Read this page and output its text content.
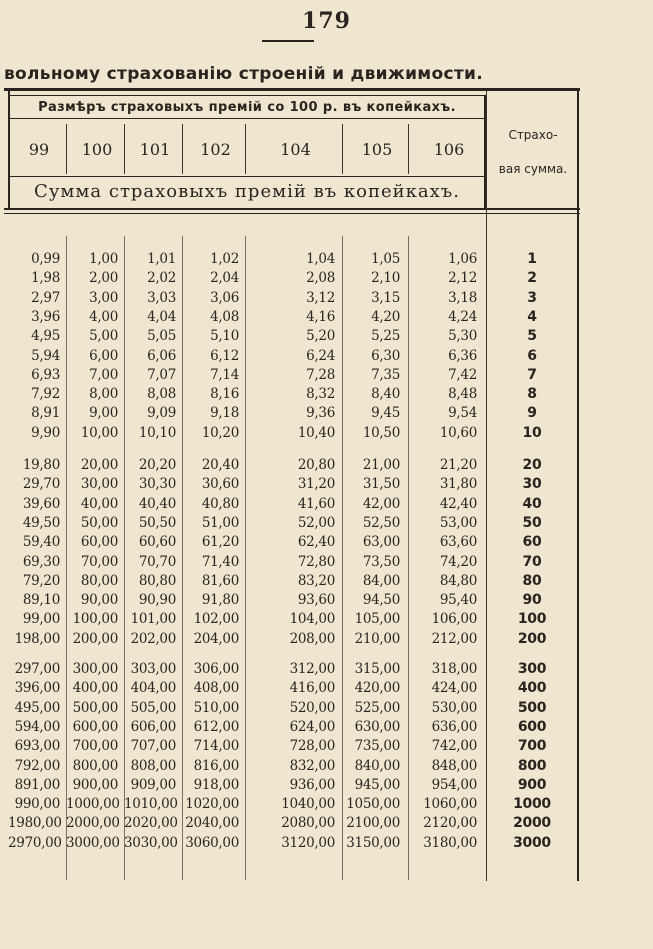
179
вольному страхованію строеній и движимости.
Размѣръ страховыхъ премій со 100 р. въ копейкахъ.
99	100	101	102	104	105	106
Сумма страховыхъ премій въ копейкахъ.
Страхо-
вая сумма.
0,99	1,00	1,01	1,02	1,04	1,05	1,06	1
1,98	2,00	2,02	2,04	2,08	2,10	2,12	2
2,97	3,00	3,03	3,06	3,12	3,15	3,18	3
3,96	4,00	4,04	4,08	4,16	4,20	4,24	4
4,95	5,00	5,05	5,10	5,20	5,25	5,30	5
5,94	6,00	6,06	6,12	6,24	6,30	6,36	6
6,93	7,00	7,07	7,14	7,28	7,35	7,42	7
7,92	8,00	8,08	8,16	8,32	8,40	8,48	8
8,91	9,00	9,09	9,18	9,36	9,45	9,54	9
9,90	10,00	10,10	10,20	10,40	10,50	10,60	10
19,80	20,00	20,20	20,40	20,80	21,00	21,20	20
29,70	30,00	30,30	30,60	31,20	31,50	31,80	30
39,60	40,00	40,40	40,80	41,60	42,00	42,40	40
49,50	50,00	50,50	51,00	52,00	52,50	53,00	50
59,40	60,00	60,60	61,20	62,40	63,00	63,60	60
69,30	70,00	70,70	71,40	72,80	73,50	74,20	70
79,20	80,00	80,80	81,60	83,20	84,00	84,80	80
89,10	90,00	90,90	91,80	93,60	94,50	95,40	90
99,00 100,00 101,00	102,00	104,00	105,00	106,00	100
198,00 200,00 202,00	204,00	208,00	210,00	212,00	200
297,00 300,00 303,00	306,00	312,00	315,00	318,00	300
396,00 400,00 404,00	408,00	416,00	420,00	424,00	400
495,00 500,00 505,00	510,00	520,00	525,00	530,00	500
594,00 600,00 606,00	612,00	624,00	630,00	636,00	600
693,00 700,00 707,00	714,00	728,00	735,00	742,00	700
792,00 800,00 808,00	816,00	832,00	840,00	848,00	800
891,00 900,00 909,00	918,00	936,00	945,00	954,00	900
990,00 1000,00 1010,00 1020,00	1040,00 1050,00	1060,00	1000
1980,00 2000,00 2020,00 2040,00	2080,00 2100,00	2120,00	2000
2970,00 3000,00 3030,00 3060,00	3120,00 3150,00	3180,00	3000
